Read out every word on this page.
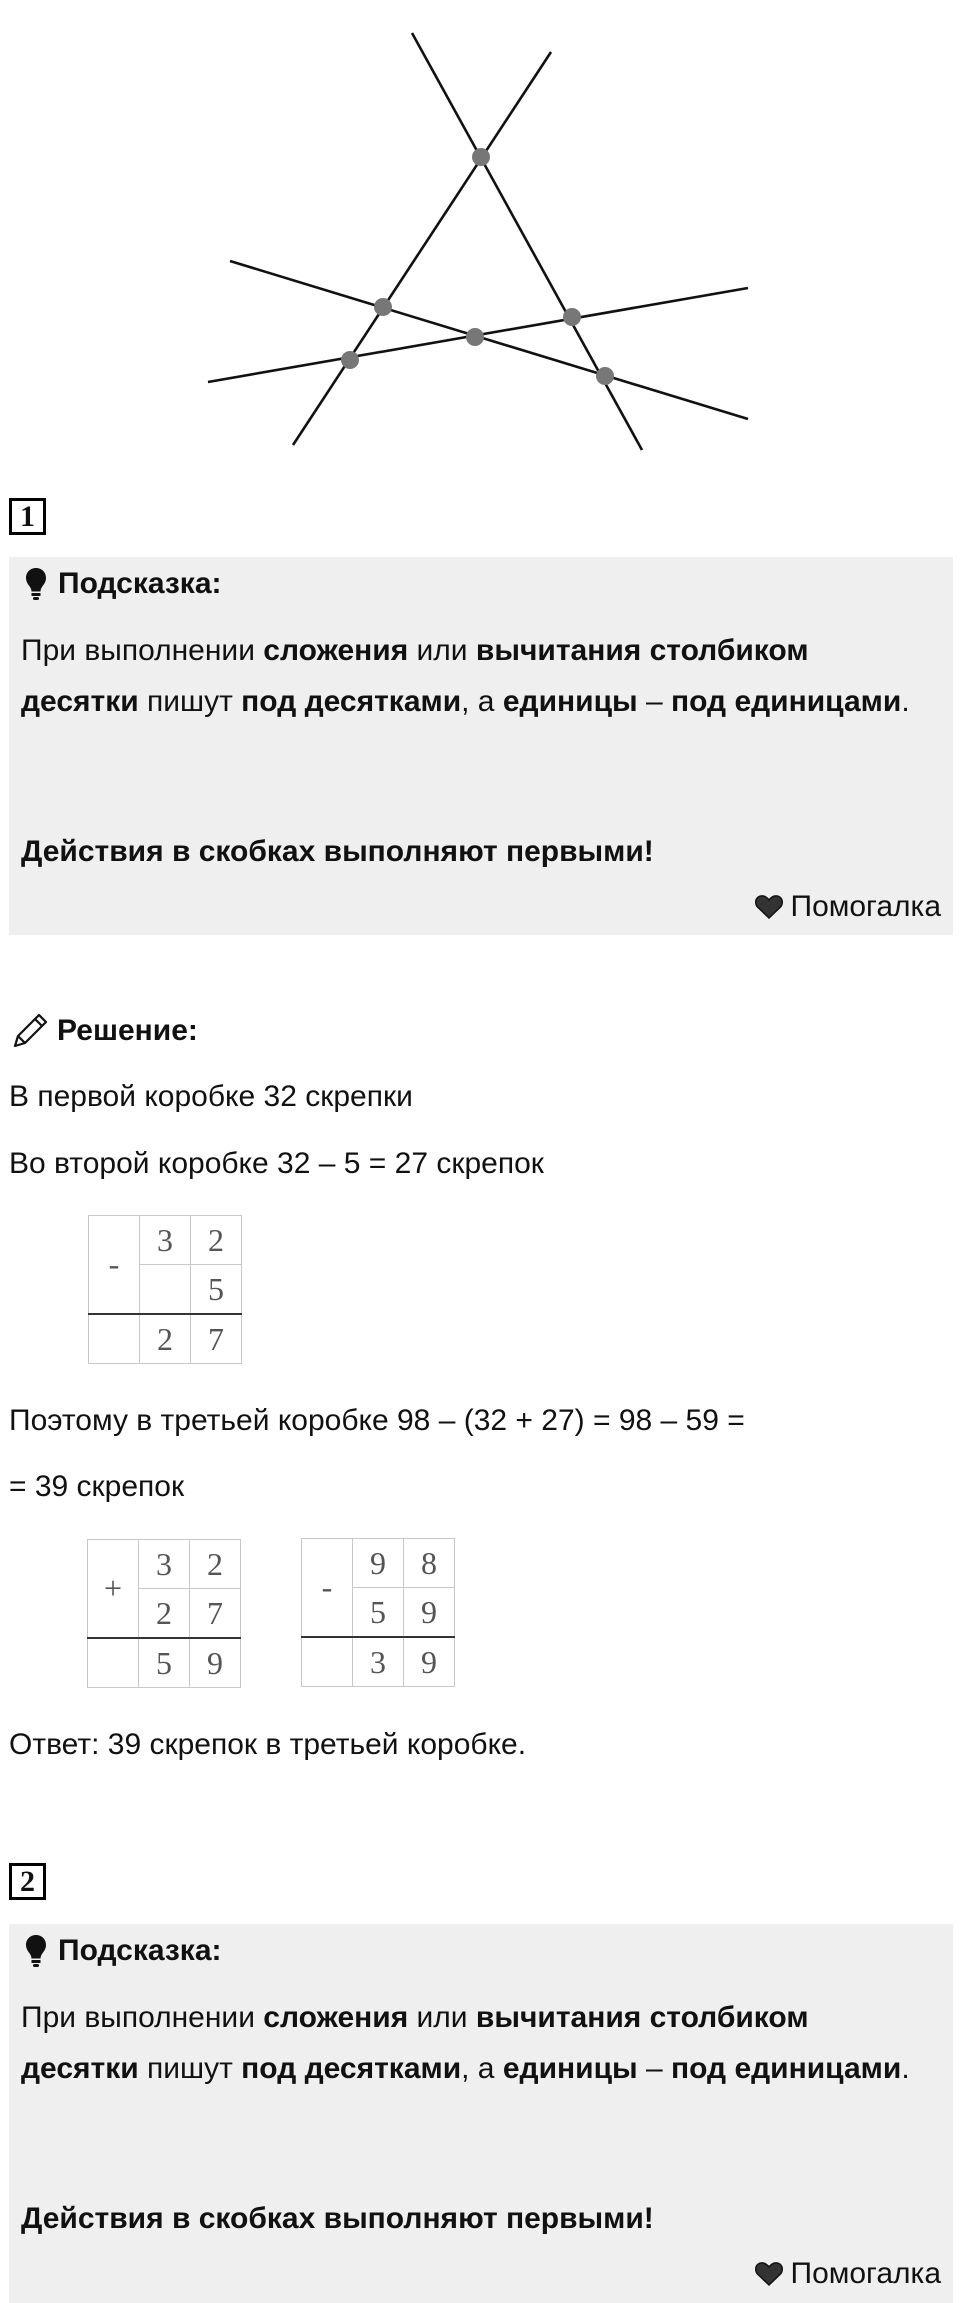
1
Подсказка:
При выполнении сложения или вычитания столбиком десятки пишут под десятками, а единицы – под единицами.
Действия в скобках выполняют первыми!
Помогалка
Решение:
В первой коробке 32 скрепки
Во второй коробке 32 – 5 = 27 скрепок
-	3	2
		5
	2	7
Поэтому в третьей коробке 98 – (32 + 27) = 98 – 59 =
= 39 скрепок
+	3	2
	2	7
	5	9
-	9	8
	5	9
	3	9
Ответ: 39 скрепок в третьей коробке.
2
Подсказка:
При выполнении сложения или вычитания столбиком десятки пишут под десятками, а единицы – под единицами.
Действия в скобках выполняют первыми!
Помогалка
